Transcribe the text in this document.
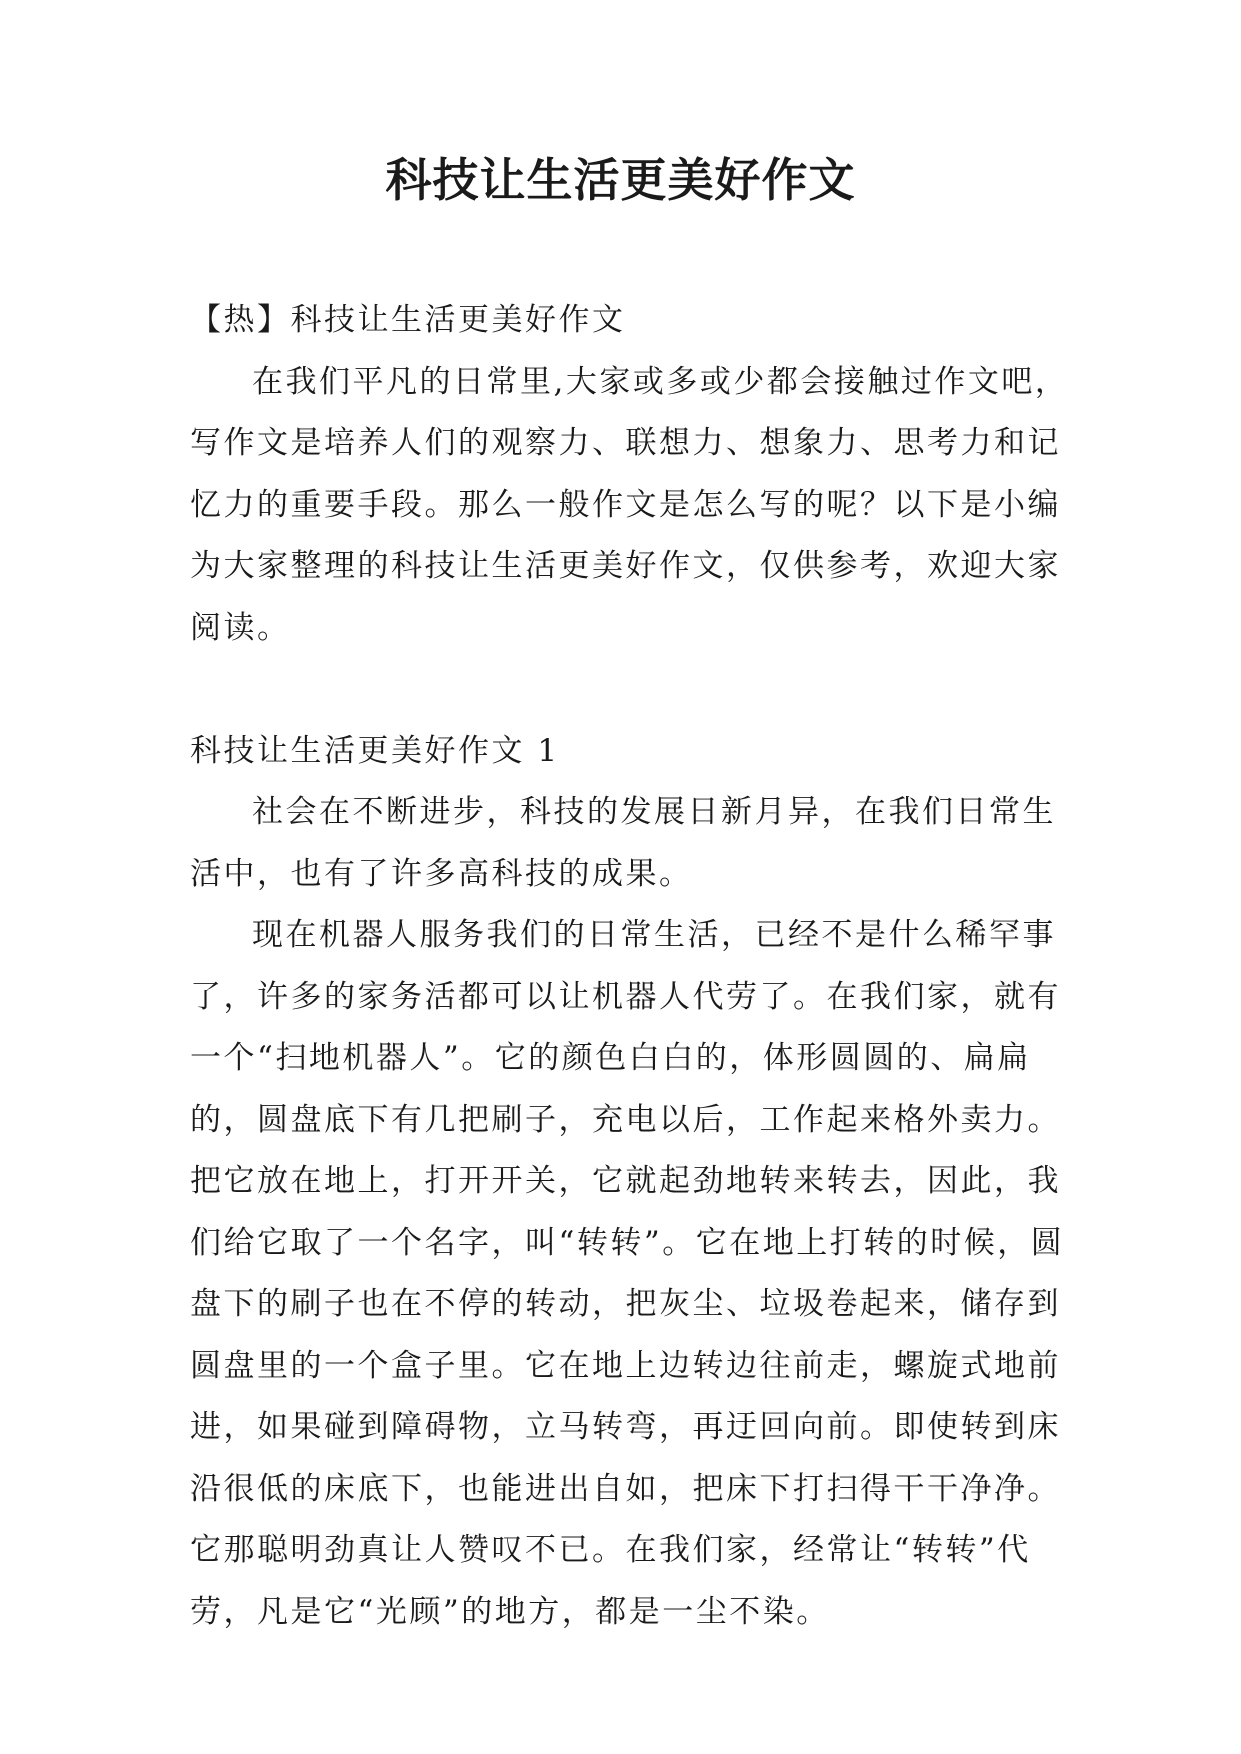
科技让生活更美好作文

【热】科技让生活更美好作文

在我们平凡的日常里,大家或多或少都会接触过作文吧，写作文是培养人们的观察力、联想力、想象力、思考力和记忆力的重要手段。那么一般作文是怎么写的呢？以下是小编为大家整理的科技让生活更美好作文，仅供参考，欢迎大家阅读。

科技让生活更美好作文 1

社会在不断进步，科技的发展日新月异，在我们日常生活中，也有了许多高科技的成果。

现在机器人服务我们的日常生活，已经不是什么稀罕事了，许多的家务活都可以让机器人代劳了。在我们家，就有一个“扫地机器人”。它的颜色白白的，体形圆圆的、扁扁的，圆盘底下有几把刷子，充电以后，工作起来格外卖力。把它放在地上，打开开关，它就起劲地转来转去，因此，我们给它取了一个名字，叫“转转”。它在地上打转的时候，圆盘下的刷子也在不停的转动，把灰尘、垃圾卷起来，储存到圆盘里的一个盒子里。它在地上边转边往前走，螺旋式地前进，如果碰到障碍物，立马转弯，再迂回向前。即使转到床沿很低的床底下，也能进出自如，把床下打扫得干干净净。它那聪明劲真让人赞叹不已。在我们家，经常让“转转”代劳，凡是它“光顾”的地方，都是一尘不染。
